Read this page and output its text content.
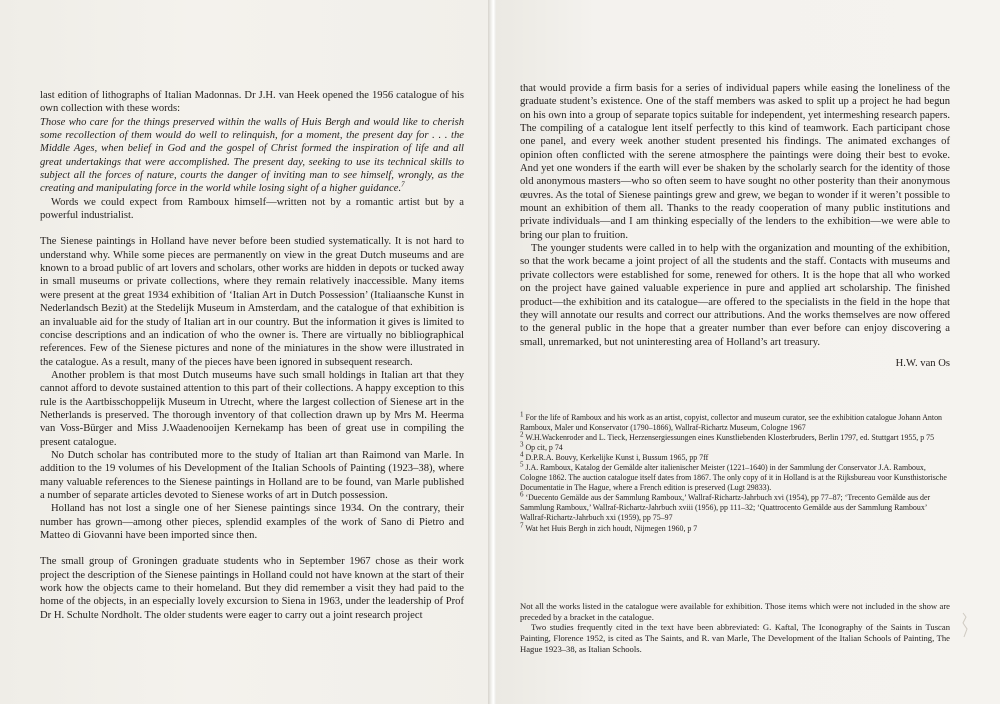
last edition of lithographs of Italian Madonnas. Dr J.H. van Heek opened the 1956 catalogue of his own collection with these words:

Those who care for the things preserved within the walls of Huis Bergh and would like to cherish some recollection of them would do well to relinquish, for a moment, the present day for . . . the Middle Ages, when belief in God and the gospel of Christ formed the inspiration of life and all great undertakings that were accomplished. The present day, seeking to use its technical skills to subject all the forces of nature, courts the danger of inviting man to see himself, wrongly, as the creating and manipulating force in the world while losing sight of a higher guidance.$^7$

Words we could expect from Ramboux himself—written not by a romantic artist but by a powerful industrialist.

The Sienese paintings in Holland have never before been studied systematically. It is not hard to understand why. While some pieces are permanently on view in the great Dutch museums and are known to a broad public of art lovers and scholars, other works are hidden in depots or tucked away in small museums or private collections, where they remain relatively inaccessible. Many items were present at the great 1934 exhibition of ‘Italian Art in Dutch Possession’ (Italiaansche Kunst in Nederlandsch Bezit) at the Stedelijk Museum in Amsterdam, and the catalogue of that exhibition is an invaluable aid for the study of Italian art in our country. But the information it gives is limited to concise descriptions and an indication of who the owner is. There are virtually no bibliographical references. Few of the Sienese pictures and none of the miniatures in the show were illustrated in the catalogue. As a result, many of the pieces have been ignored in subsequent research.

Another problem is that most Dutch museums have such small holdings in Italian art that they cannot afford to devote sustained attention to this part of their collections. A happy exception to this rule is the Aartbisschoppelijk Museum in Utrecht, where the largest collection of Sienese art in the Netherlands is preserved. The thorough inventory of that collection drawn up by Mrs M. Heerma van Voss-Bürger and Miss J.Waadenooijen Kernekamp has been of great use in compiling the present catalogue.

No Dutch scholar has contributed more to the study of Italian art than Raimond van Marle. In addition to the 19 volumes of his Development of the Italian Schools of Painting (1923–38), where many valuable references to the Sienese paintings in Holland are to be found, van Marle published a number of separate articles devoted to Sienese works of art in Dutch possession.

Holland has not lost a single one of her Sienese paintings since 1934. On the contrary, their number has grown—among other pieces, splendid examples of the work of Sano di Pietro and Matteo di Giovanni have been imported since then.

The small group of Groningen graduate students who in September 1967 chose as their work project the description of the Sienese paintings in Holland could not have known at the start of their work how the objects came to their homeland. But they did remember a visit they had paid to the home of the objects, in an especially lovely excursion to Siena in 1963, under the leadership of Prof Dr H. Schulte Nordholt. The older students were eager to carry out a joint research project

that would provide a firm basis for a series of individual papers while easing the loneliness of the graduate student’s existence. One of the staff members was asked to split up a project he had begun on his own into a group of separate topics suitable for independent, yet intermeshing research papers. The compiling of a catalogue lent itself perfectly to this kind of teamwork. Each participant chose one panel, and every week another student presented his findings. The animated exchanges of opinion often conflicted with the serene atmosphere the paintings were doing their best to evoke. And yet one wonders if the earth will ever be shaken by the scholarly search for the identity of those old anonymous masters—who so often seem to have sought no other posterity than their anonymous œuvres. As the total of Sienese paintings grew and grew, we began to wonder if it weren’t possible to mount an exhibition of them all. Thanks to the ready cooperation of many public institutions and private individuals—and I am thinking especially of the lenders to the exhibition—we were able to bring our plan to fruition.

The younger students were called in to help with the organization and mounting of the exhibition, so that the work became a joint project of all the students and the staff. Contacts with museums and private collectors were established for some, renewed for others. It is the hope that all who worked on the project have gained valuable experience in pure and applied art scholarship. The finished product—the exhibition and its catalogue—are offered to the specialists in the field in the hope that they will annotate our results and correct our attributions. And the works themselves are now offered to the general public in the hope that a greater number than ever before can enjoy discovering a small, unremarked, but not uninteresting area of Holland’s art treasury.

H.W. van Os

$^1$ For the life of Ramboux and his work as an artist, copyist, collector and museum curator, see the exhibition catalogue Johann Anton Ramboux, Maler und Konservator (1790–1866), Wallraf-Richartz Museum, Cologne 1967
$^2$ W.H.Wackenroder and L. Tieck, Herzensergiessungen eines Kunstliebenden Klosterbruders, Berlin 1797, ed. Stuttgart 1955, p 75
$^3$ Op cit, p 74
$^4$ D.P.R.A. Bouvy, Kerkelijke Kunst i, Bussum 1965, pp 7ff
$^5$ J.A. Ramboux, Katalog der Gemälde alter italienischer Meister (1221–1640) in der Sammlung der Conservator J.A. Ramboux, Cologne 1862. The auction catalogue itself dates from 1867. The only copy of it in Holland is at the Rijksbureau voor Kunsthistorische Documentatie in The Hague, where a French edition is preserved (Lugt 29833).
$^6$ ‘Duecento Gemälde aus der Sammlung Ramboux,’ Wallraf-Richartz-Jahrbuch xvi (1954), pp 77–87; ‘Trecento Gemälde aus der Sammlung Ramboux,’ Wallraf-Richartz-Jahrbuch xviii (1956), pp 111–32; ‘Quattrocento Gemälde aus der Sammlung Ramboux’ Wallraf-Richartz-Jahrbuch xxi (1959), pp 75–97
$^7$ Wat het Huis Bergh in zich houdt, Nijmegen 1960, p 7

Not all the works listed in the catalogue were available for exhibition. Those items which were not included in the show are preceded by a bracket in the catalogue.

Two studies frequently cited in the text have been abbreviated: G. Kaftal, The Iconography of the Saints in Tuscan Painting, Florence 1952, is cited as The Saints, and R. van Marle, The Development of the Italian Schools of Painting, The Hague 1923–38, as Italian Schools.
